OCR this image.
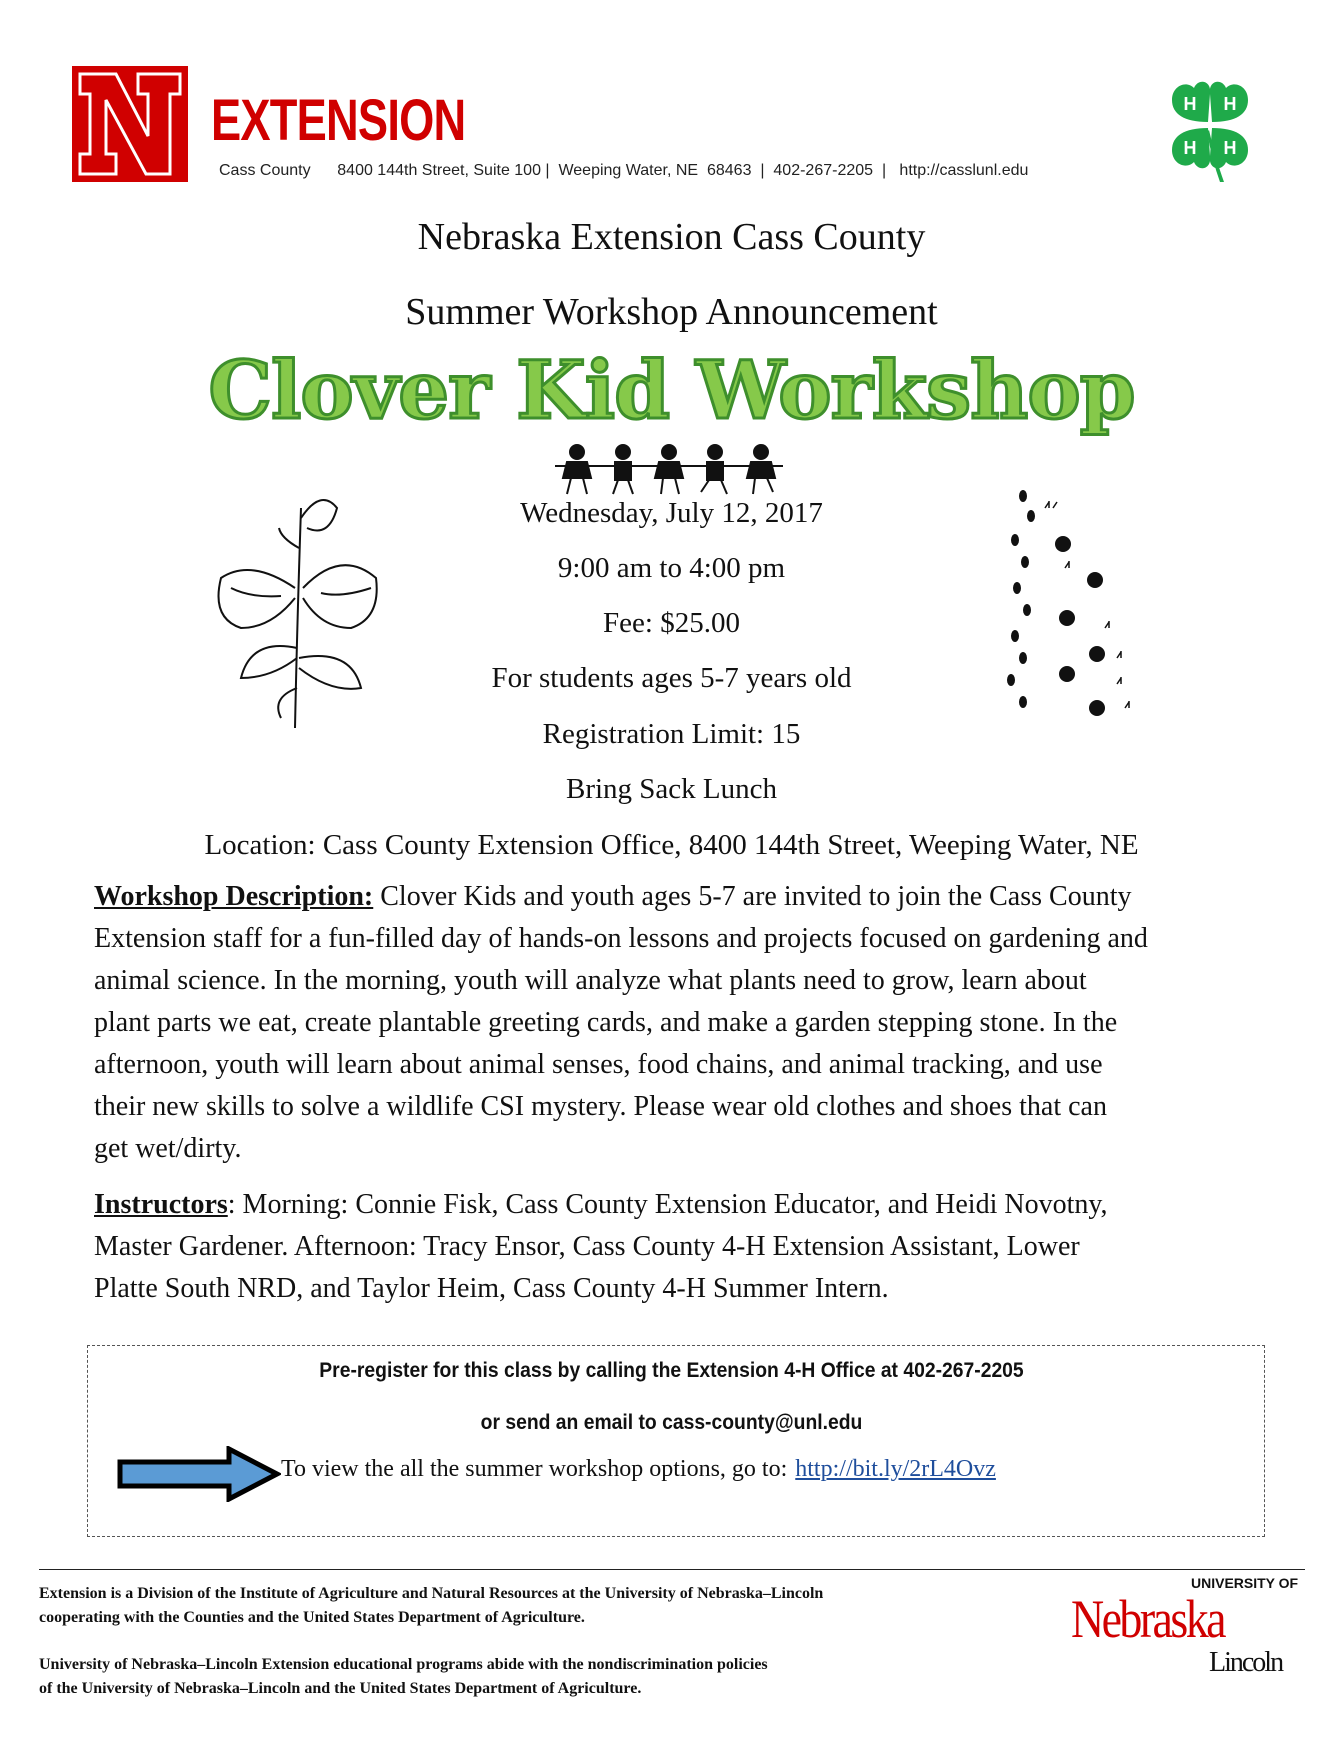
EXTENSION
Cass County      8400 144th Street, Suite 100 |  Weeping Water, NE  68463  |  402-267-2205  |   http://casslunl.edu
H H
H H
Nebraska Extension Cass County
Summer Workshop Announcement
Clover Kid Workshop
Wednesday, July 12, 2017
9:00 am to 4:00 pm
Fee: $25.00
For students ages 5-7 years old
Registration Limit: 15
Bring Sack Lunch
Location: Cass County Extension Office, 8400 144th Street, Weeping Water, NE
Workshop Description: Clover Kids and youth ages 5-7 are invited to join the Cass County
Extension staff for a fun-filled day of hands-on lessons and projects focused on gardening and
animal science. In the morning, youth will analyze what plants need to grow, learn about
plant parts we eat, create plantable greeting cards, and make a garden stepping stone. In the
afternoon, youth will learn about animal senses, food chains, and animal tracking, and use
their new skills to solve a wildlife CSI mystery. Please wear old clothes and shoes that can
get wet/dirty.
Instructors: Morning: Connie Fisk, Cass County Extension Educator, and Heidi Novotny,
Master Gardener. Afternoon: Tracy Ensor, Cass County 4-H Extension Assistant, Lower
Platte South NRD, and Taylor Heim, Cass County 4-H Summer Intern.
Pre-register for this class by calling the Extension 4-H Office at 402-267-2205
or send an email to cass-county@unl.edu
To view the all the summer workshop options, go to: http://bit.ly/2rL4Ovz
Extension is a Division of the Institute of Agriculture and Natural Resources at the University of Nebraska–Lincoln
cooperating with the Counties and the United States Department of Agriculture.
University of Nebraska–Lincoln Extension educational programs abide with the nondiscrimination policies
of the University of Nebraska–Lincoln and the United States Department of Agriculture.
UNIVERSITY OF
Nebraska
Lincoln
